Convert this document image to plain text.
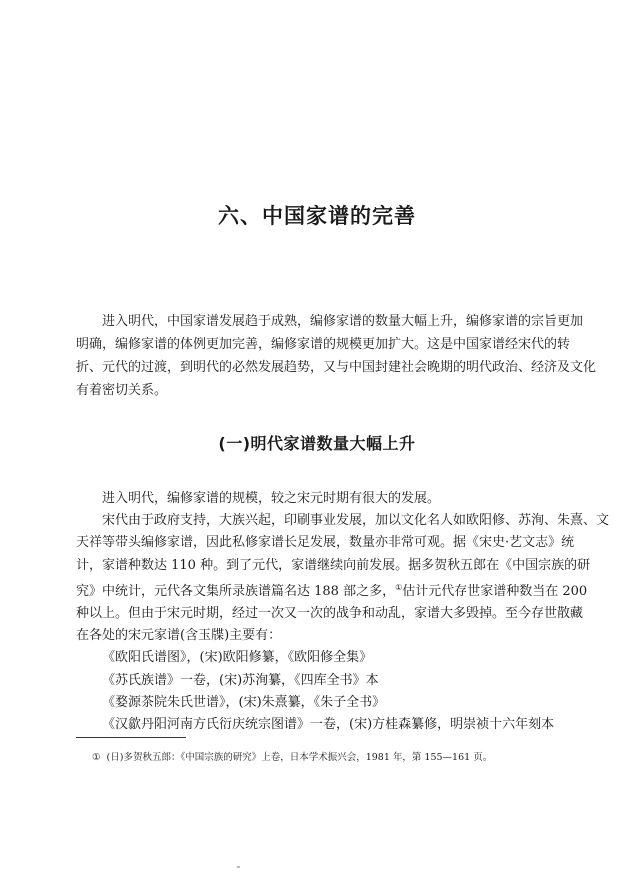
六、中国家谱的完善
进入明代，中国家谱发展趋于成熟，编修家谱的数量大幅上升，编修家谱的宗旨更加
明确，编修家谱的体例更加完善，编修家谱的规模更加扩大。这是中国家谱经宋代的转
折、元代的过渡，到明代的必然发展趋势，又与中国封建社会晚期的明代政治、经济及文化
有着密切关系。
(一)明代家谱数量大幅上升
进入明代，编修家谱的规模，较之宋元时期有很大的发展。
宋代由于政府支持，大族兴起，印刷事业发展，加以文化名人如欧阳修、苏洵、朱熹、文
天祥等带头编修家谱，因此私修家谱长足发展，数量亦非常可观。据《宋史·艺文志》统
计，家谱种数达 110 种。到了元代，家谱继续向前发展。据多贺秋五郎在《中国宗族的研
究》中统计，元代各文集所录族谱篇名达 188 部之多，①估计元代存世家谱种数当在 200
种以上。但由于宋元时期，经过一次又一次的战争和动乱，家谱大多毁掉。至今存世散藏
在各处的宋元家谱(含玉牒)主要有：
《欧阳氏谱图》，(宋)欧阳修纂，《欧阳修全集》
《苏氏族谱》一卷，(宋)苏洵纂，《四库全书》本
《婺源茶院朱氏世谱》，(宋)朱熹纂，《朱子全书》
《汉歙丹阳河南方氏衍庆统宗图谱》一卷，(宋)方桂森纂修，明崇祯十六年刻本

① (日)多贺秋五郎：《中国宗族的研究》上卷，日本学术振兴会，1981 年，第 155—161 页。
